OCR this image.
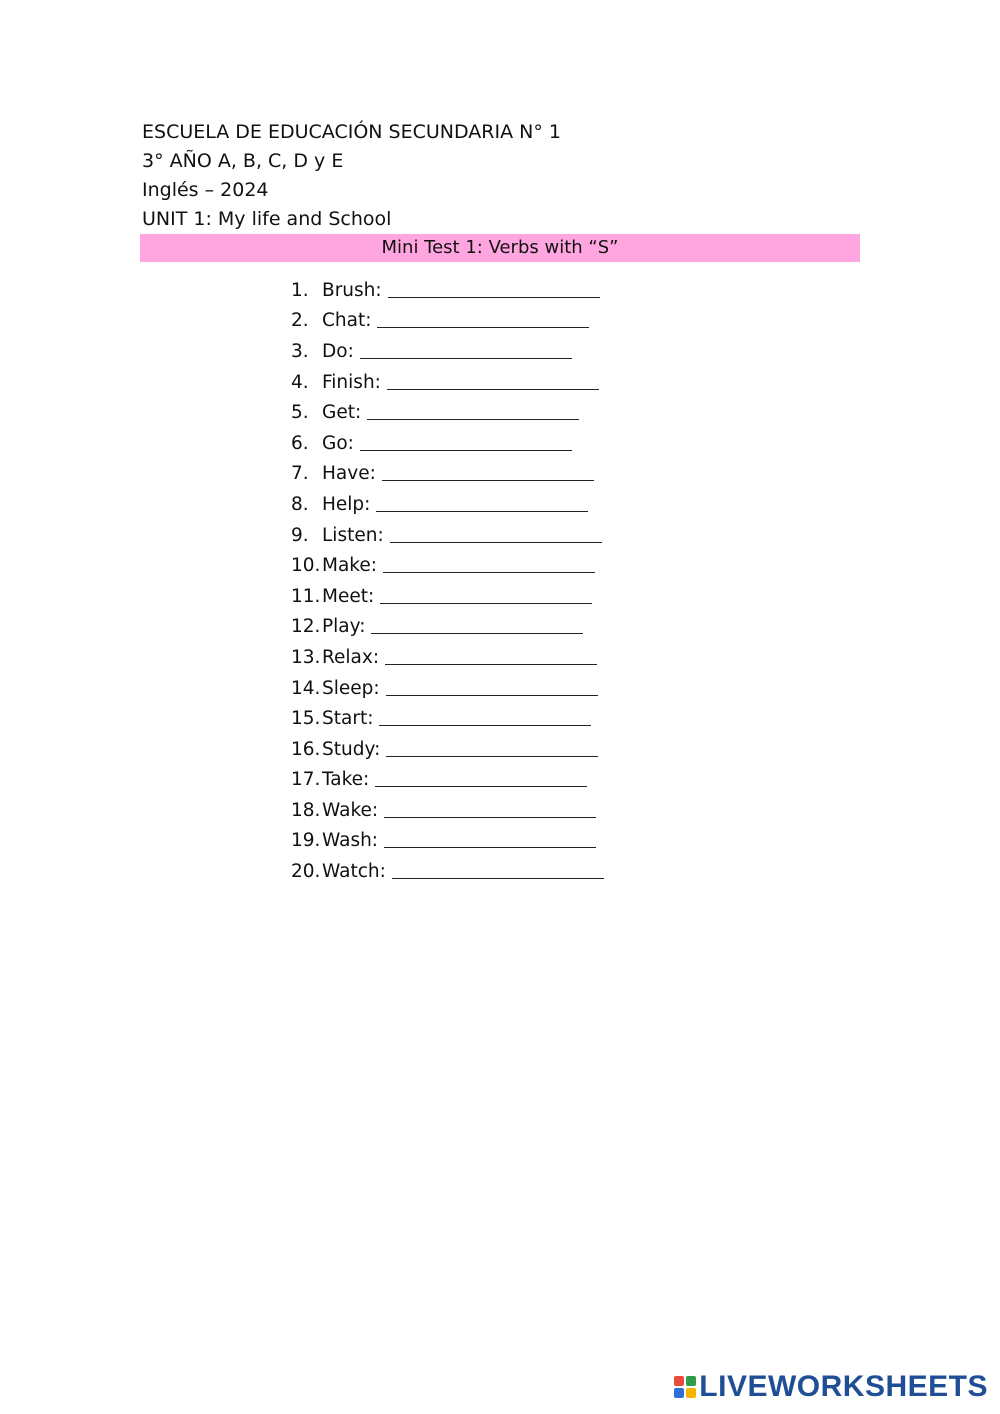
ESCUELA DE EDUCACIÓN SECUNDARIA N° 1
3° AÑO A, B, C, D y E
Inglés – 2024
UNIT 1: My life and School
Mini Test 1: Verbs with “S”
1. Brush:
2. Chat:
3. Do:
4. Finish:
5. Get:
6. Go:
7. Have:
8. Help:
9. Listen:
10. Make:
11. Meet:
12. Play:
13. Relax:
14. Sleep:
15. Start:
16. Study:
17. Take:
18. Wake:
19. Wash:
20. Watch:
LIVEWORKSHEETS
